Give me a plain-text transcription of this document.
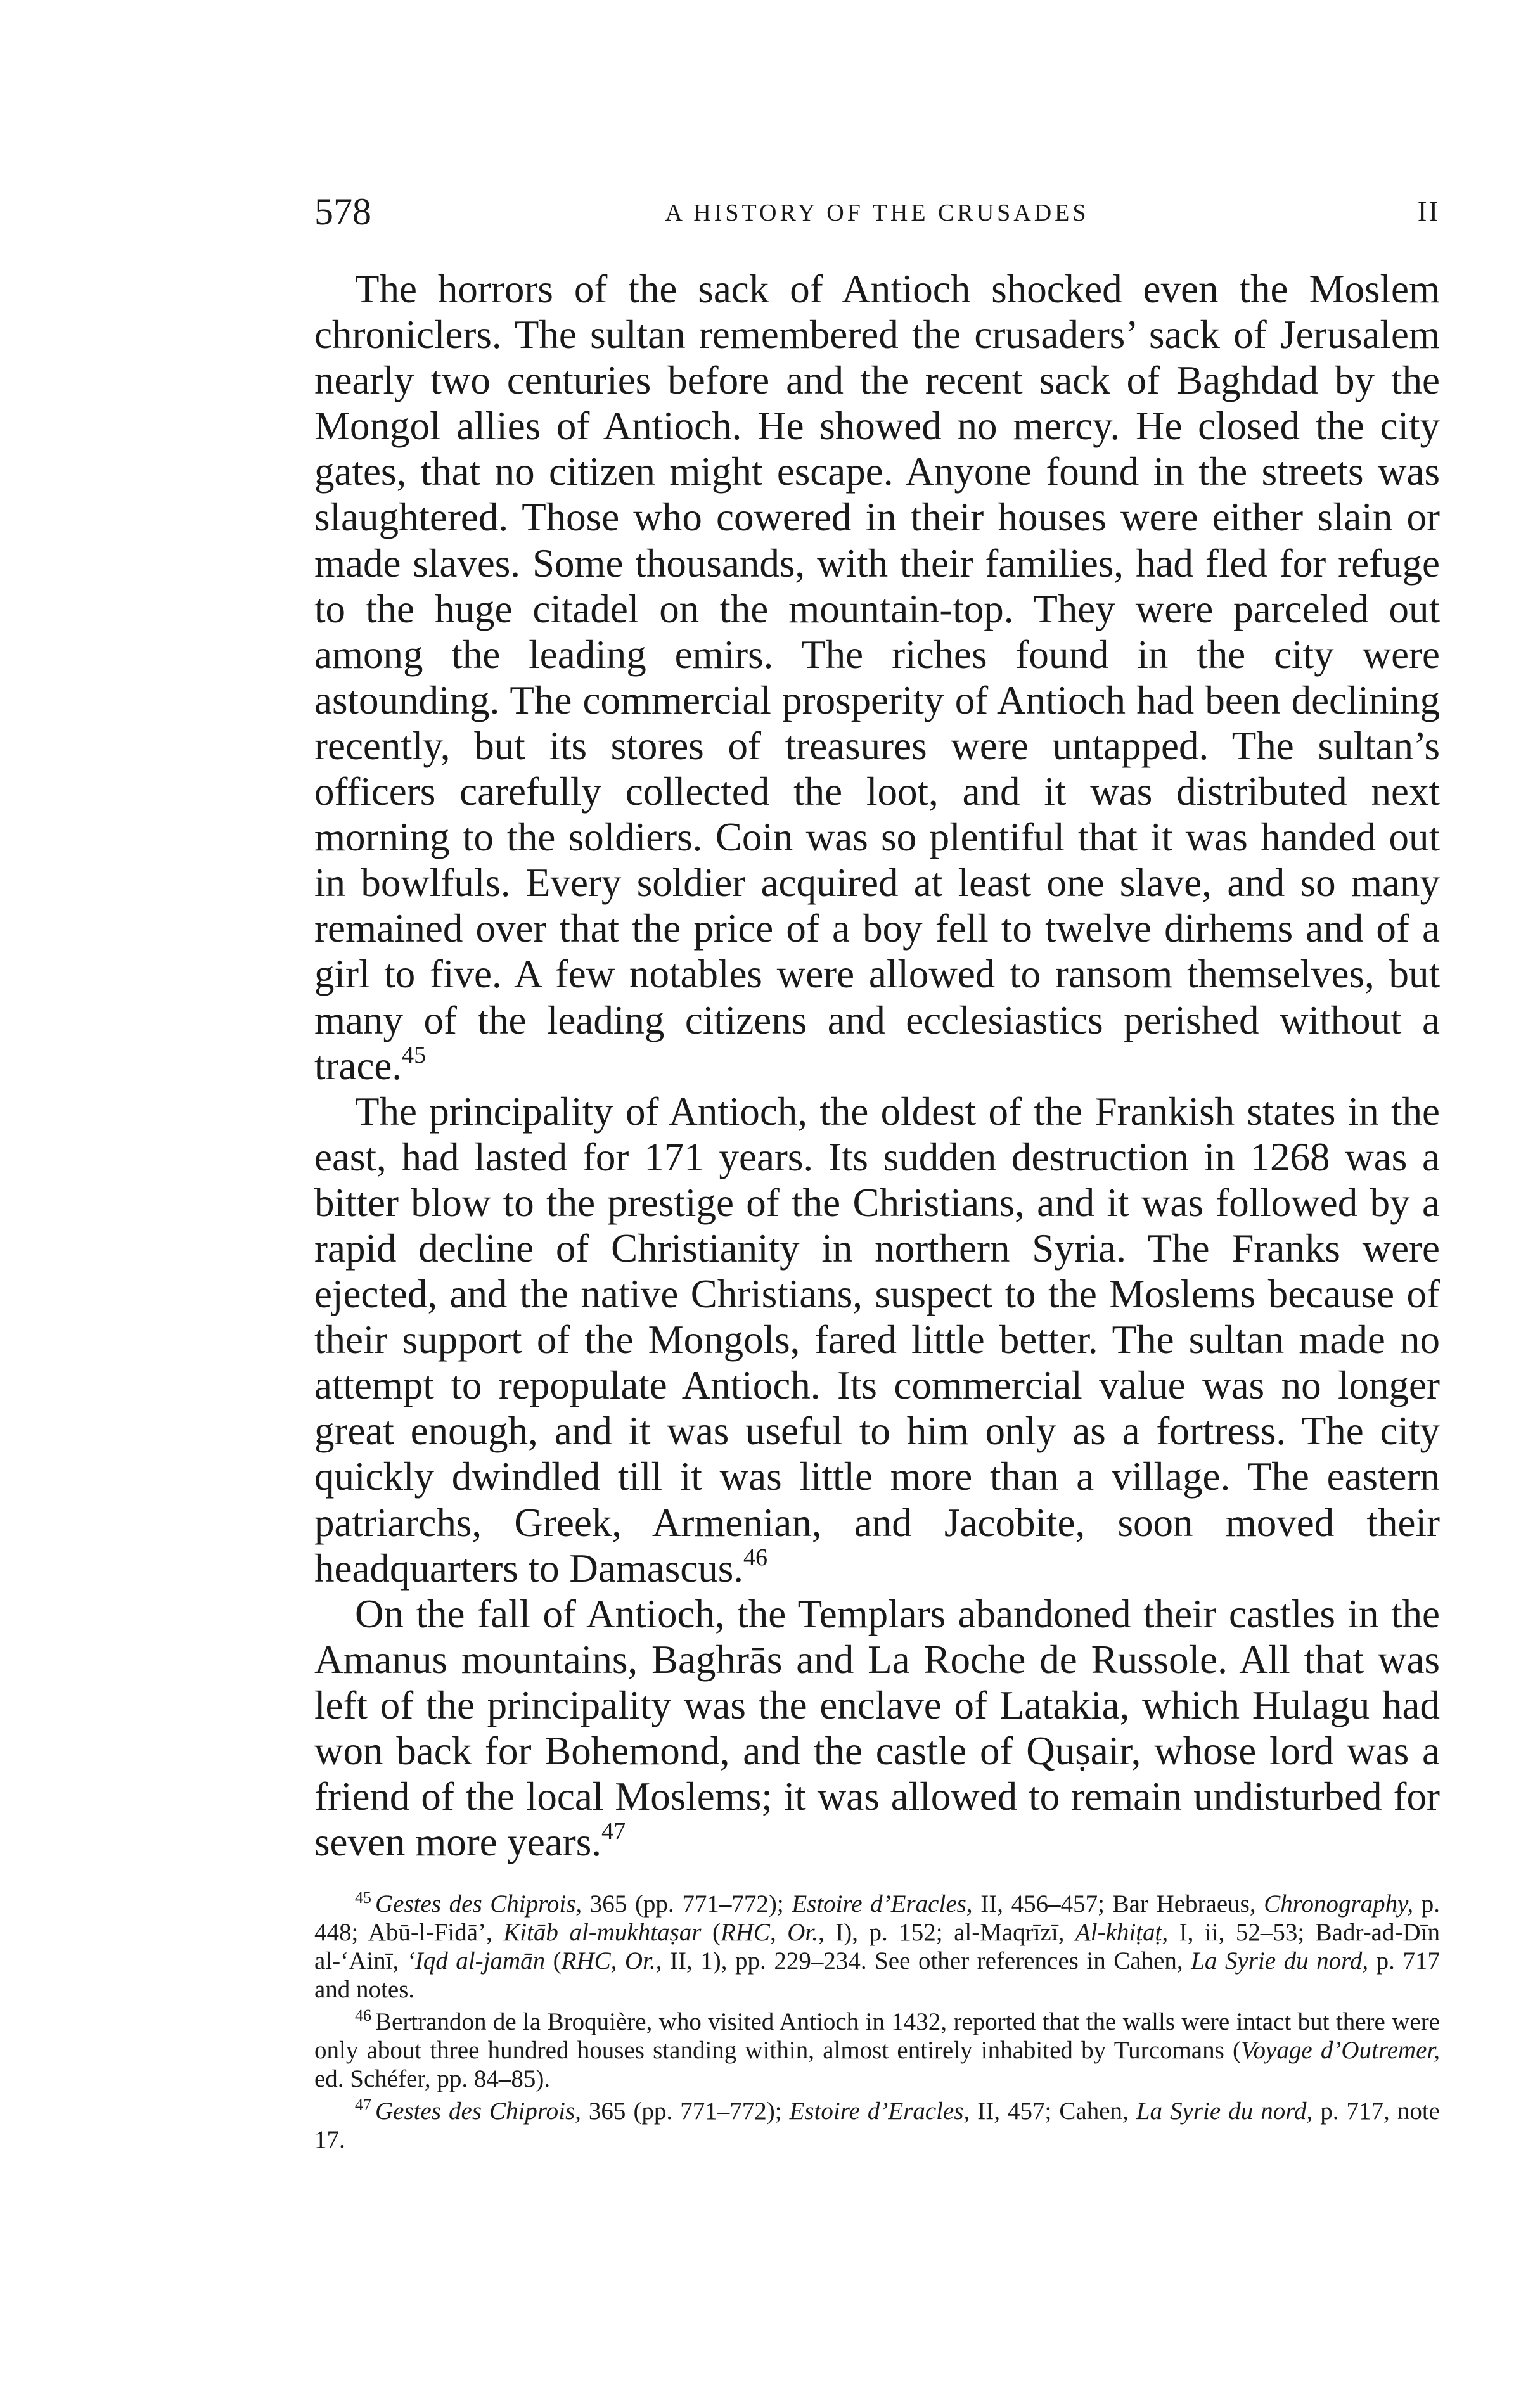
578	A HISTORY OF THE CRUSADES	II

The horrors of the sack of Antioch shocked even the Moslem chroniclers. The sultan remembered the crusaders’ sack of Jerusalem nearly two centuries before and the recent sack of Baghdad by the Mongol allies of Antioch. He showed no mercy. He closed the city gates, that no citizen might escape. Anyone found in the streets was slaughtered. Those who cowered in their houses were either slain or made slaves. Some thousands, with their families, had fled for refuge to the huge citadel on the mountain-top. They were parceled out among the leading emirs. The riches found in the city were astounding. The commercial prosperity of Antioch had been declining recently, but its stores of treasures were untapped. The sultan’s officers carefully collected the loot, and it was distributed next morning to the soldiers. Coin was so plentiful that it was handed out in bowlfuls. Every soldier acquired at least one slave, and so many remained over that the price of a boy fell to twelve dirhems and of a girl to five. A few notables were allowed to ransom themselves, but many of the leading citizens and ecclesiastics perished without a trace.$^{45}$

The principality of Antioch, the oldest of the Frankish states in the east, had lasted for 171 years. Its sudden destruction in 1268 was a bitter blow to the prestige of the Christians, and it was followed by a rapid decline of Christianity in northern Syria. The Franks were ejected, and the native Christians, suspect to the Moslems because of their support of the Mongols, fared little better. The sultan made no attempt to repopulate Antioch. Its commercial value was no longer great enough, and it was useful to him only as a fortress. The city quickly dwindled till it was little more than a village. The eastern patriarchs, Greek, Armenian, and Jacobite, soon moved their headquarters to Damascus.$^{46}$

On the fall of Antioch, the Templars abandoned their castles in the Amanus mountains, Baghrās and La Roche de Russole. All that was left of the principality was the enclave of Latakia, which Hulagu had won back for Bohemond, and the castle of Quṣair, whose lord was a friend of the local Moslems; it was allowed to remain undisturbed for seven more years.$^{47}$

$^{45}$ Gestes des Chiprois, 365 (pp. 771–772); Estoire d’Eracles, II, 456–457; Bar Hebraeus, Chronography, p. 448; Abū-l-Fidā’, Kitāb al-mukhtaṣar (RHC, Or., I), p. 152; al-Maqrīzī, Al-khiṭaṭ, I, ii, 52–53; Badr-ad-Dīn al-‘Ainī, ‘Iqd al-jamān (RHC, Or., II, 1), pp. 229–234. See other references in Cahen, La Syrie du nord, p. 717 and notes.

$^{46}$ Bertrandon de la Broquière, who visited Antioch in 1432, reported that the walls were intact but there were only about three hundred houses standing within, almost entirely inhabited by Turcomans (Voyage d’Outremer, ed. Schéfer, pp. 84–85).

$^{47}$ Gestes des Chiprois, 365 (pp. 771–772); Estoire d’Eracles, II, 457; Cahen, La Syrie du nord, p. 717, note 17.
